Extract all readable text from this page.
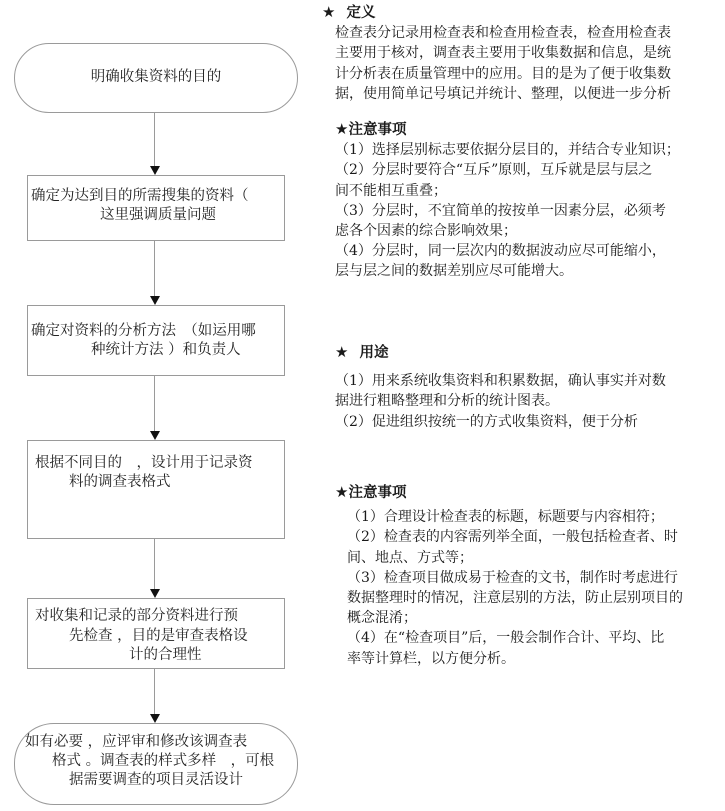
明确收集资料的目的
确定为达到目的所需搜集的资料（
这里强调质量问题
确定对资料的分析方法　（如运用哪
种统计方法 ）和负责人
根据不同目的　，设计用于记录资
料的调查表格式
对收集和记录的部分资料进行预
先检查 ，目的是审查表格设
计的合理性
如有必要 ，应评审和修改该调查表
格式 。调查表的样式多样　，可根
据需要调查的项目灵活设计
★ 定义
检查表分记录用检查表和检查用检查表，检查用检查表
主要用于核对，调查表主要用于收集数据和信息，是统
计分析表在质量管理中的应用。目的是为了便于收集数
据，使用简单记号填记并统计、整理，以便进一步分析
★注意事项
（1）选择层别标志要依据分层目的，并结合专业知识；
（2）分层时要符合“互斥”原则，互斥就是层与层之
间不能相互重叠；
（3）分层时，不宜简单的按按单一因素分层，必须考
虑各个因素的综合影响效果；
（4）分层时，同一层次内的数据波动应尽可能缩小，
层与层之间的数据差别应尽可能增大。
★ 用途
（1）用来系统收集资料和积累数据，确认事实并对数
据进行粗略整理和分析的统计图表。
（2）促进组织按统一的方式收集资料，便于分析
★注意事项
（1）合理设计检查表的标题，标题要与内容相符；
（2）检查表的内容需列举全面，一般包括检查者、时
间、地点、方式等；
（3）检查项目做成易于检查的文书，制作时考虑进行
数据整理时的情况，注意层别的方法，防止层别项目的
概念混淆；
（4）在“检查项目”后，一般会制作合计、平均、比
率等计算栏，以方便分析。
